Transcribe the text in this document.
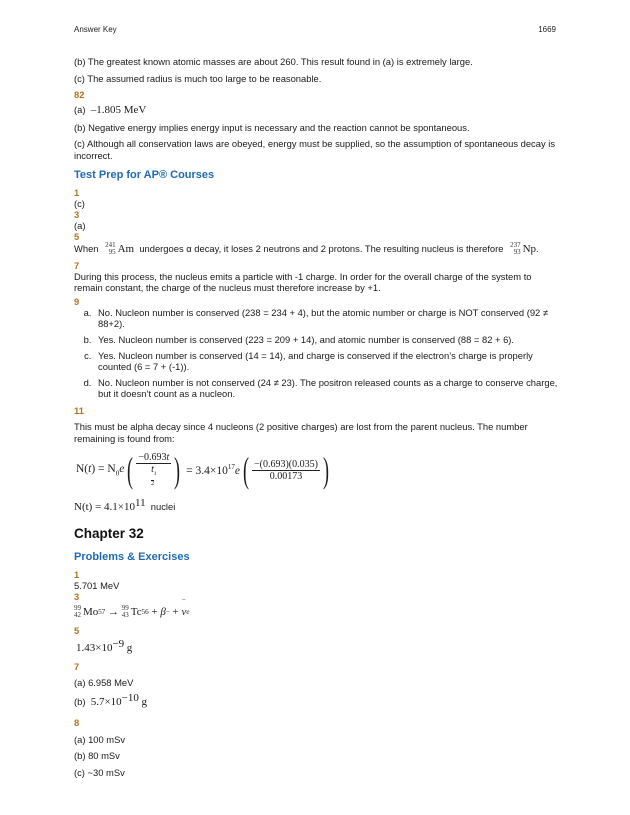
Answer Key	1669

(b) The greatest known atomic masses are about 260. This result found in (a) is extremely large.

(c) The assumed radius is much too large to be reasonable.

82

(a) –1.805 MeV

(b) Negative energy implies energy input is necessary and the reaction cannot be spontaneous.

(c) Although all conservation laws are obeyed, energy must be supplied, so the assumption of spontaneous decay is incorrect.

Test Prep for AP® Courses
1
(c)
3
(a)
5

When 241
95 Am undergoes α decay, it loses 2 neutrons and 2 protons. The resulting nucleus is therefore 237
93 Np.

7

During this process, the nucleus emits a particle with -1 charge. In order for the overall charge of the system to remain constant, the charge of the nucleus must therefore increase by +1.

9
a. No. Nucleon number is conserved (238 = 234 + 4), but the atomic number or charge is NOT conserved (92 ≠ 88+2).
b. Yes. Nucleon number is conserved (223 = 209 + 14), and atomic number is conserved (88 = 82 + 6).
c. Yes. Nucleon number is conserved (14 = 14), and charge is conserved if the electron’s charge is properly counted (6 = 7 + (-1)).
d. No. Nucleon number is not conserved (24 ≠ 23). The positron released counts as a charge to conserve charge, but it doesn’t count as a nucleon.
11

This must be alpha decay since 4 nucleons (2 positive charges) are lost from the parent nucleus. The number remaining is found from:

$N(t) = N_0e$ ( −0.693t
$t_1$
2 ) = $3.4\times 10^{17}e$ ( $\frac{-(0.693)(0.035)}{0.00173}$ )

$N(t) = 4.1\times 10^{11}$ nuclei

Chapter 32
Problems & Exercises
1
5.701 MeV
3
99
42 Mo 57 → 99
43 Tc 56 + β − + v
‾
e
5

$1.43\times 10^{-9}$ g

7

(a) 6.958 MeV

(b) $5.7\times 10^{-10}$ g

8

(a) 100 mSv

(b) 80 mSv

(c) ~30 mSv
